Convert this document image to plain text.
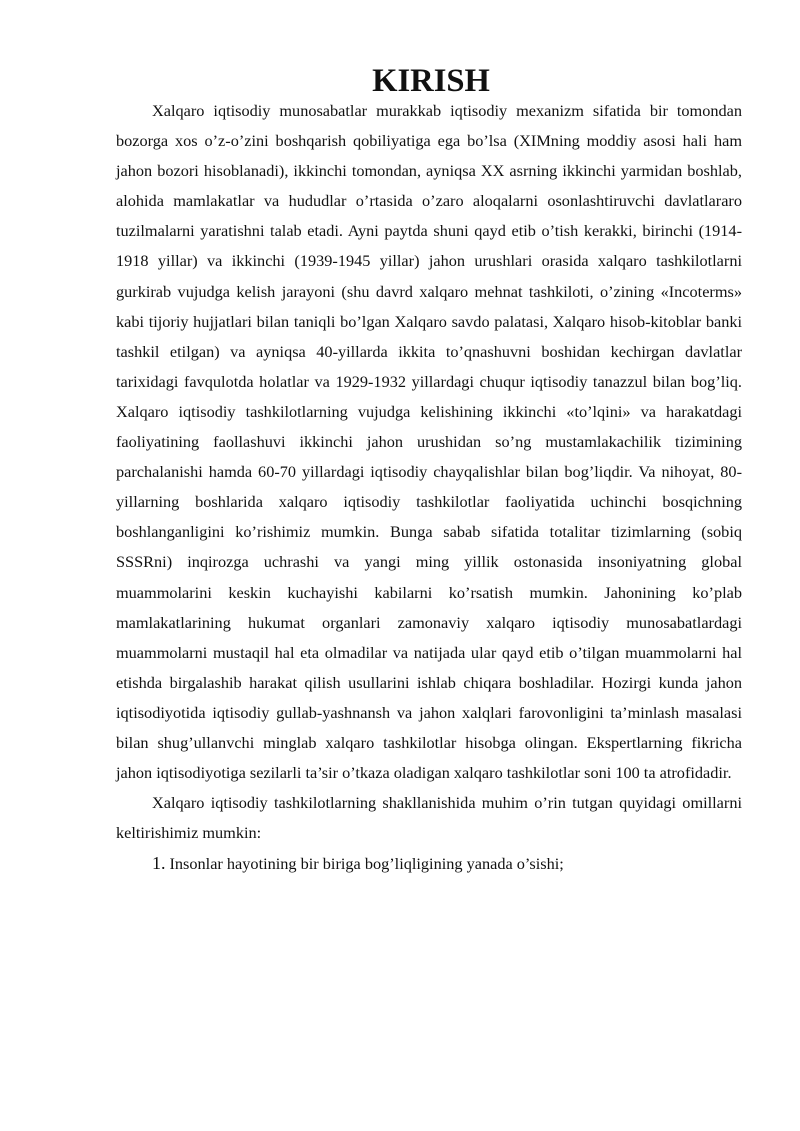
KIRISH

Xalqaro iqtisodiy munosabatlar murakkab iqtisodiy mexanizm sifatida bir tomondan bozorga xos o’z-o’zini boshqarish qobiliyatiga ega bo’lsa (XIMning moddiy asosi hali ham jahon bozori hisoblanadi), ikkinchi tomondan, ayniqsa XX asrning ikkinchi yarmidan boshlab, alohida mamlakatlar va hududlar o’rtasida o’zaro aloqalarni osonlashtiruvchi davlatlararo tuzilmalarni yaratishni talab etadi. Ayni paytda shuni qayd etib o’tish kerakki, birinchi (1914-1918 yillar) va ikkinchi (1939-1945 yillar) jahon urushlari orasida xalqaro tashkilotlarni gurkirab vujudga kelish jarayoni (shu davrd xalqaro mehnat tashkiloti, o’zining «Incoterms» kabi tijoriy hujjatlari bilan taniqli bo’lgan Xalqaro savdo palatasi, Xalqaro hisob-kitoblar banki tashkil etilgan) va ayniqsa 40-yillarda ikkita to’qnashuvni boshidan kechirgan davlatlar tarixidagi favqulotda holatlar va 1929-1932 yillardagi chuqur iqtisodiy tanazzul bilan bog’liq. Xalqaro iqtisodiy tashkilotlarning vujudga kelishining ikkinchi «to’lqini» va harakatdagi faoliyatining faollashuvi ikkinchi jahon urushidan so’ng mustamlakachilik tizimining parchalanishi hamda 60-70 yillardagi iqtisodiy chayqalishlar bilan bog’liqdir. Va nihoyat, 80-yillarning boshlarida xalqaro iqtisodiy tashkilotlar faoliyatida uchinchi bosqichning boshlanganligini ko’rishimiz mumkin. Bunga sabab sifatida totalitar tizimlarning (sobiq SSSRni) inqirozga uchrashi va yangi ming yillik ostonasida insoniyatning global muammolarini keskin kuchayishi kabilarni ko’rsatish mumkin. Jahonining ko’plab mamlakatlarining hukumat organlari zamonaviy xalqaro iqtisodiy munosabatlardagi muammolarni mustaqil hal eta olmadilar va natijada ular qayd etib o’tilgan muammolarni hal etishda birgalashib harakat qilish usullarini ishlab chiqara boshladilar. Hozirgi kunda jahon iqtisodiyotida iqtisodiy gullab-yashnansh va jahon xalqlari farovonligini ta’minlash masalasi bilan shug’ullanvchi minglab xalqaro tashkilotlar hisobga olingan. Ekspertlarning fikricha jahon iqtisodiyotiga sezilarli ta’sir o’tkaza oladigan xalqaro tashkilotlar soni 100 ta atrofidadir.

Xalqaro iqtisodiy tashkilotlarning shakllanishida muhim o’rin tutgan quyidagi omillarni keltirishimiz mumkin:

1. Insonlar hayotining bir biriga bog’liqligining yanada o’sishi;
